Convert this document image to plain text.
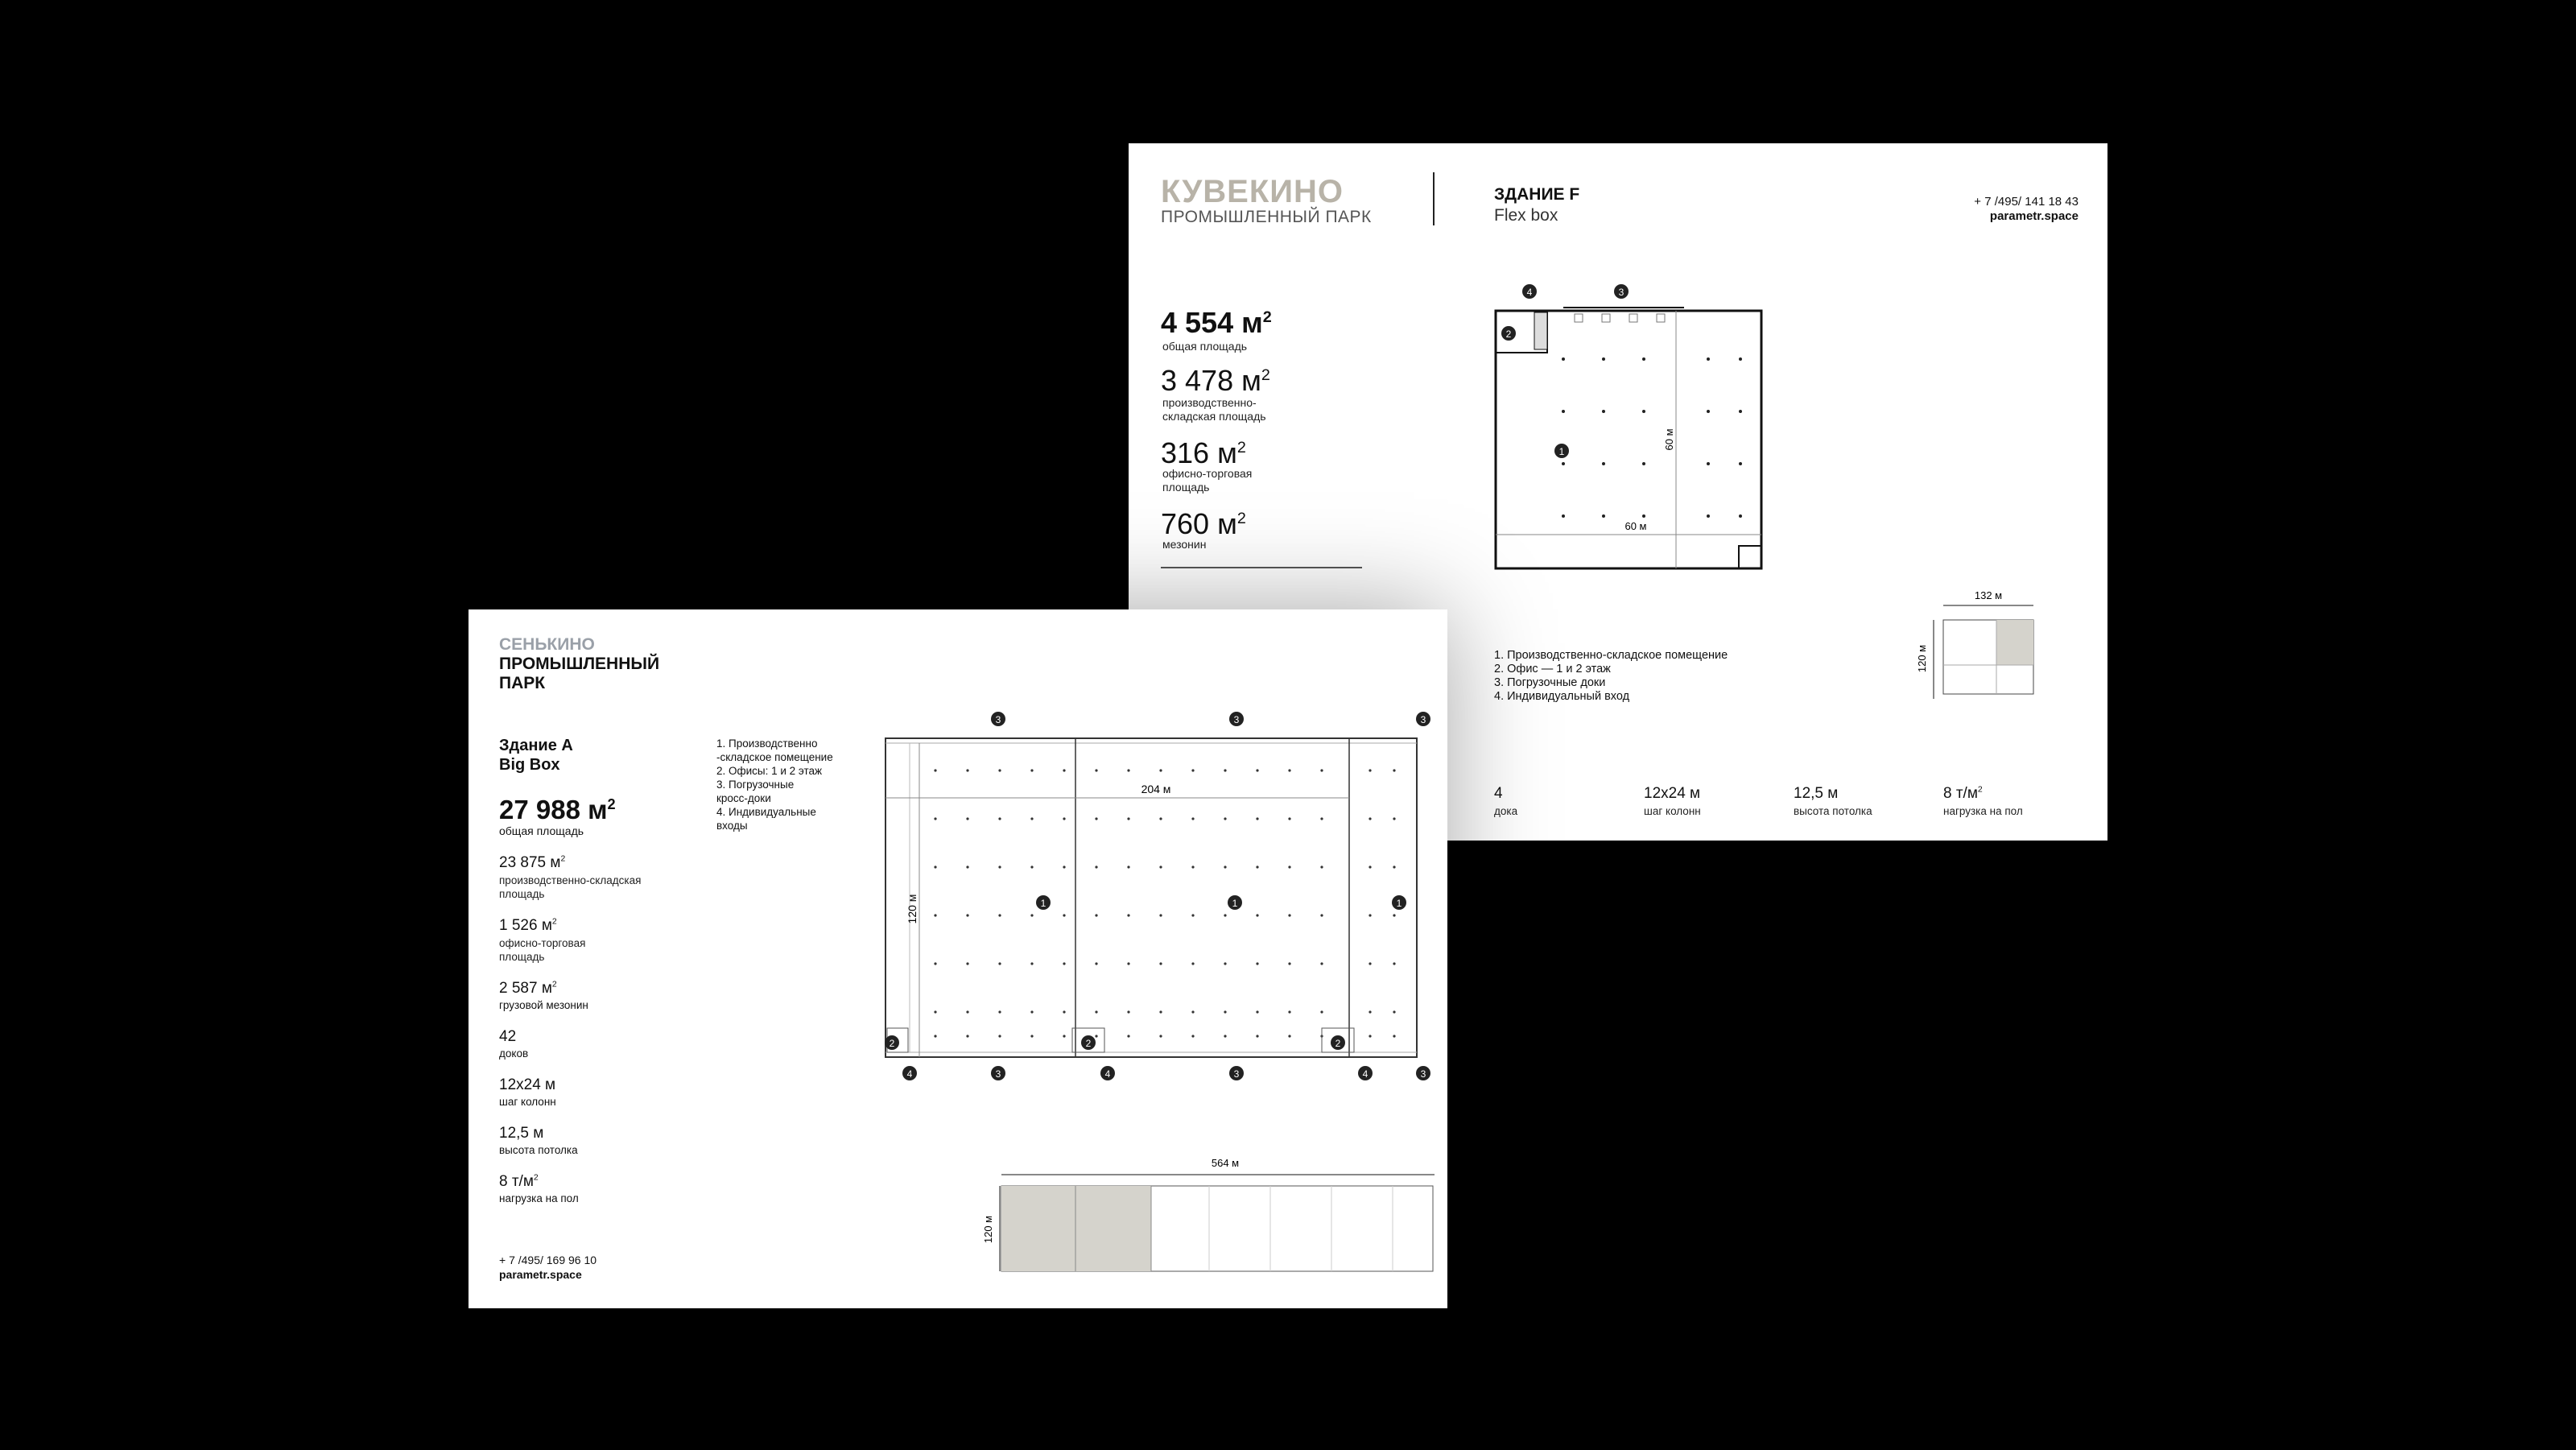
КУВЕКИНО
ПРОМЫШЛЕННЫЙ ПАРК
ЗДАНИЕ F
Flex box
+ 7 /495/ 141 18 43
parametr.space
4 554 $м^2$
общая площадь
3 478 $м^2$
производственно-складская площадь
316 $м^2$
офисно-торговая площадь
760 $м^2$
мезонин
60 м
60 м
1
2
3
4
1. Производственно-складское помещение
2. Офис — 1 и 2 этаж
3. Погрузочные доки
4. Индивидуальный вход
132 м
120 м
4
дока
12х24 м
шаг колонн
12,5 м
высота потолка
8 $т/м^2$
нагрузка на пол
СЕНЬКИНО
ПРОМЫШЛЕННЫЙ
ПАРК
Здание А
Big Box
27 988 $м^2$
общая площадь
23 875 $м^2$
производственно-складская площадь
1 526 $м^2$
офисно-торговая площадь
2 587 $м^2$
грузовой мезонин
42
доков
12х24 м
шаг колонн
12,5 м
высота потолка
8 $т/м^2$
нагрузка на пол
+ 7 /495/ 169 96 10
parametr.space
1. Производственно
-складское помещение
2. Офисы: 1 и 2 этаж
3. Погрузочные
кросс-доки
4. Индивидуальные
входы
204 м
120 м	1	1	1
2	2	2
3	3	3
3	3	3
4	4	4
564 м
120 м
